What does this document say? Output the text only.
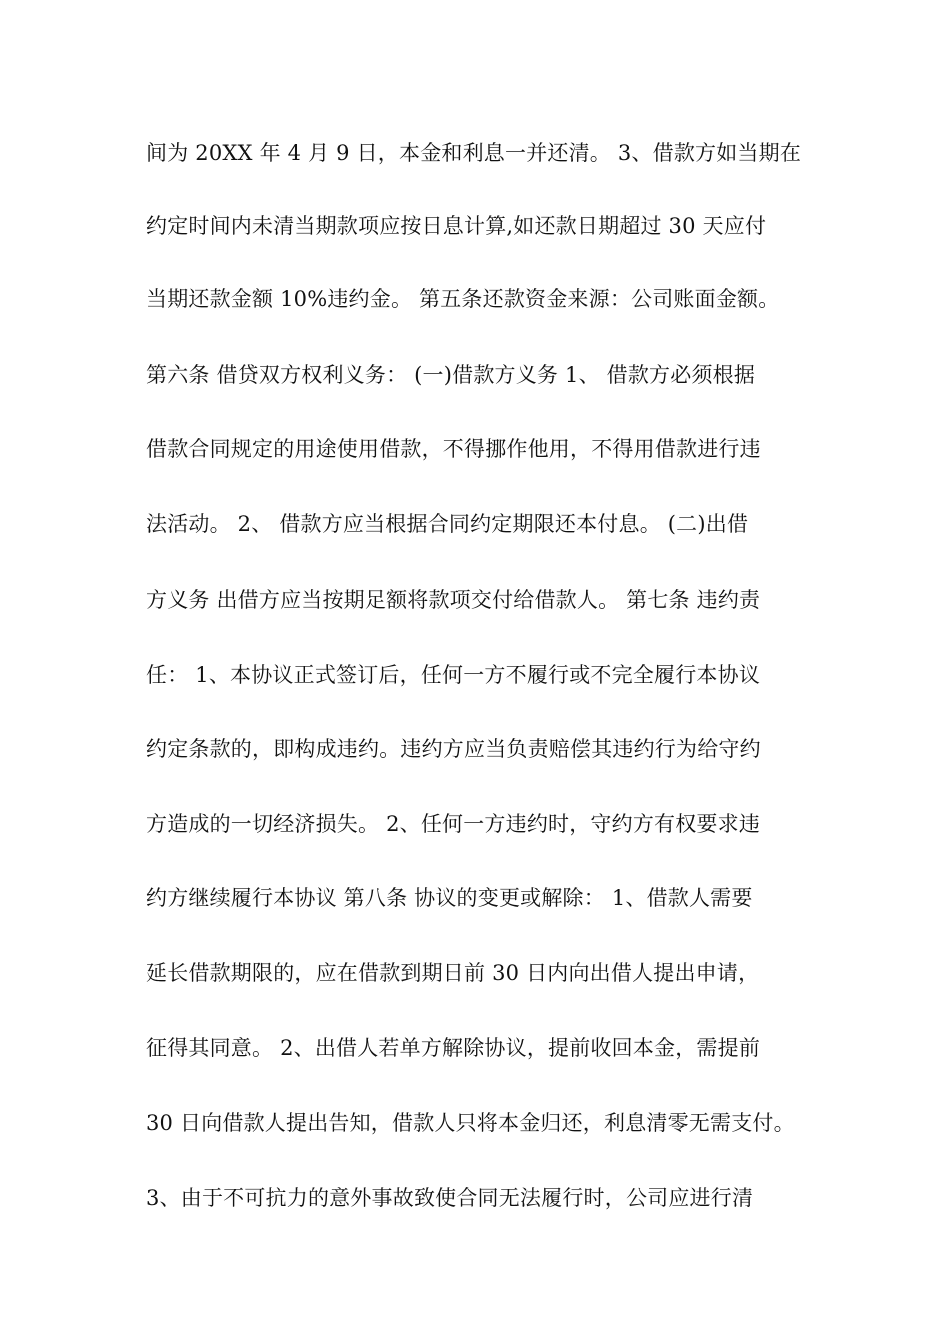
间为 20XX 年 4 月 9 日，本金和利息一并还清。 3、借款方如当期在
约定时间内未清当期款项应按日息计算,如还款日期超过 30 天应付
当期还款金额 10%违约金。 第五条还款资金来源：公司账面金额。
第六条 借贷双方权利义务： (一)借款方义务 1、 借款方必须根据
借款合同规定的用途使用借款，不得挪作他用，不得用借款进行违
法活动。 2、 借款方应当根据合同约定期限还本付息。 (二)出借
方义务 出借方应当按期足额将款项交付给借款人。 第七条 违约责
任： 1、本协议正式签订后，任何一方不履行或不完全履行本协议
约定条款的，即构成违约。违约方应当负责赔偿其违约行为给守约
方造成的一切经济损失。 2、任何一方违约时，守约方有权要求违
约方继续履行本协议 第八条 协议的变更或解除： 1、借款人需要
延长借款期限的，应在借款到期日前 30 日内向出借人提出申请，
征得其同意。 2、出借人若单方解除协议，提前收回本金，需提前
30 日向借款人提出告知，借款人只将本金归还，利息清零无需支付。
3、由于不可抗力的意外事故致使合同无法履行时，公司应进行清
